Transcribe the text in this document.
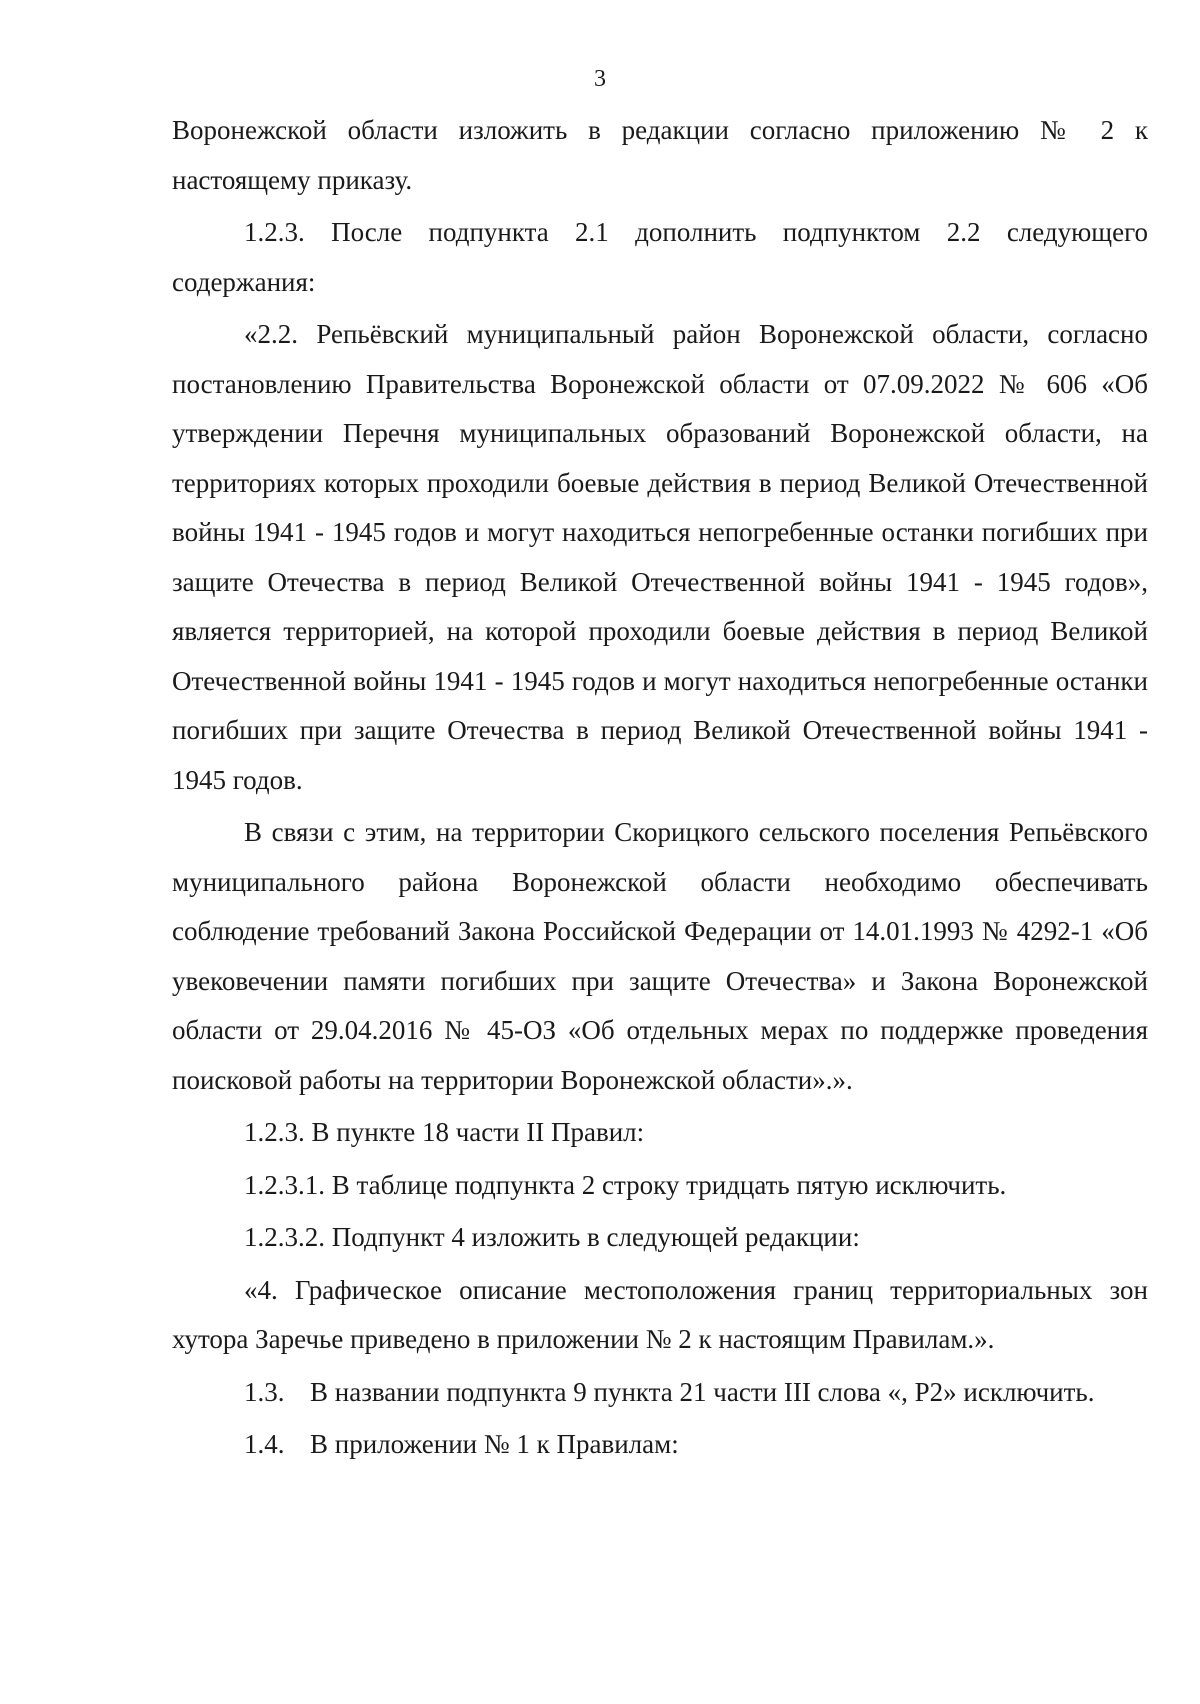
3

Воронежской области изложить в редакции согласно приложению № 2 к настоящему приказу.

1.2.3. После подпункта 2.1 дополнить подпунктом 2.2 следующего содержания:

«2.2. Репьёвский муниципальный район Воронежской области, согласно постановлению Правительства Воронежской области от 07.09.2022 № 606 «Об утверждении Перечня муниципальных образований Воронежской области, на территориях которых проходили боевые действия в период Великой Отечественной войны 1941 - 1945 годов и могут находиться непогребенные останки погибших при защите Отечества в период Великой Отечественной войны 1941 - 1945 годов», является территорией, на которой проходили боевые действия в период Великой Отечественной войны 1941 - 1945 годов и могут находиться непогребенные останки погибших при защите Отечества в период Великой Отечественной войны 1941 - 1945 годов.

В связи с этим, на территории Скорицкого сельского поселения Репьёвского муниципального района Воронежской области необходимо обеспечивать соблюдение требований Закона Российской Федерации от 14.01.1993 № 4292-1 «Об увековечении памяти погибших при защите Отечества» и Закона Воронежской области от 29.04.2016 № 45-ОЗ «Об отдельных мерах по поддержке проведения поисковой работы на территории Воронежской области».».

1.2.3. В пункте 18 части II Правил:

1.2.3.1. В таблице подпункта 2 строку тридцать пятую исключить.

1.2.3.2. Подпункт 4 изложить в следующей редакции:

«4. Графическое описание местоположения границ территориальных зон хутора Заречье приведено в приложении № 2 к настоящим Правилам.».

1.3. В названии подпункта 9 пункта 21 части III слова «, Р2» исключить.

1.4. В приложении № 1 к Правилам:
